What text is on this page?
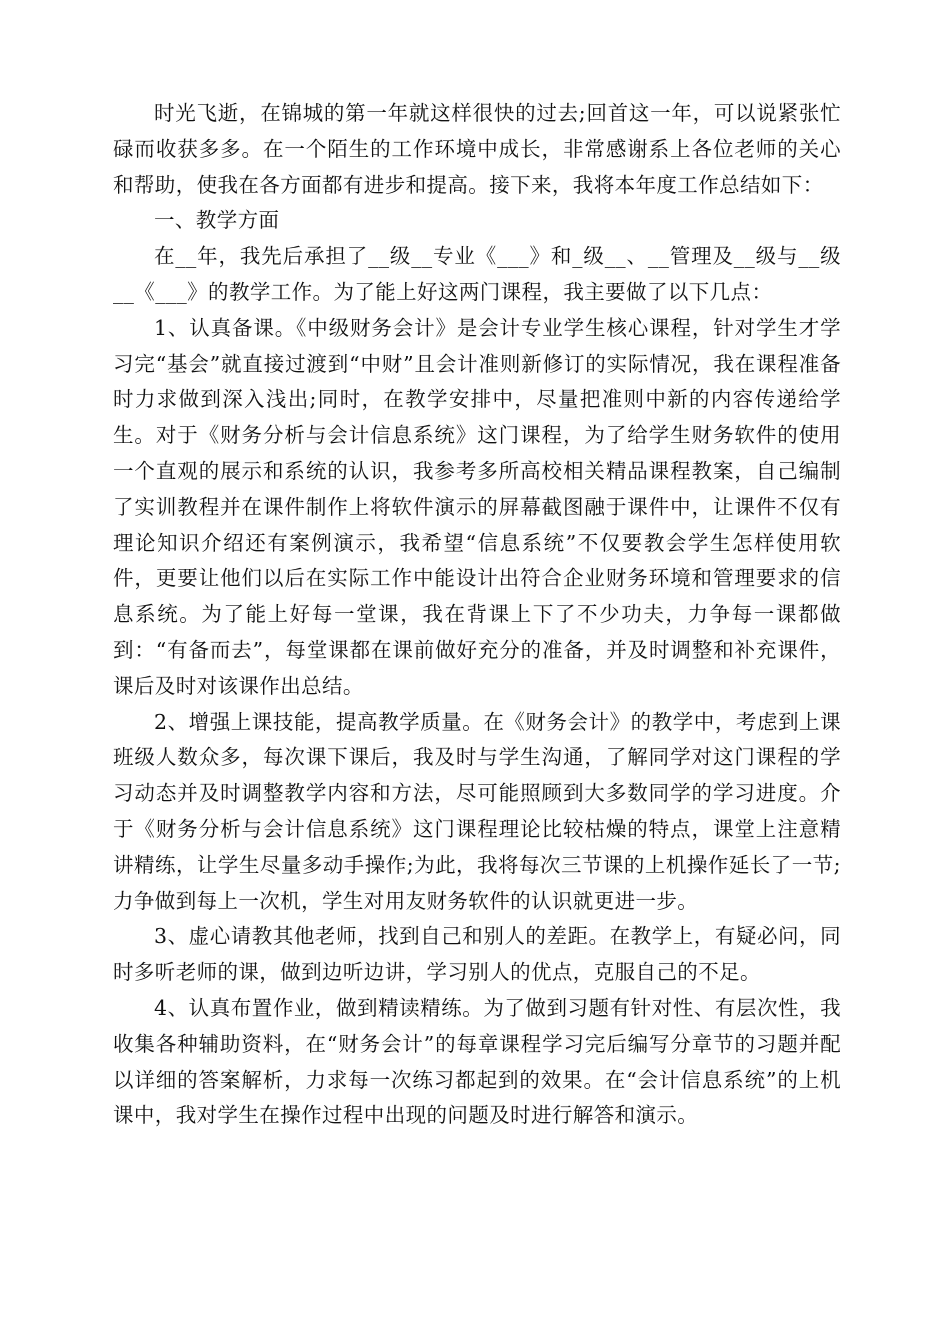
时光飞逝，在锦城的第一年就这样很快的过去;回首这一年，可以说紧张忙碌而收获多多。在一个陌生的工作环境中成长，非常感谢系上各位老师的关心和帮助，使我在各方面都有进步和提高。接下来，我将本年度工作总结如下：

一、教学方面

在__年，我先后承担了__级__专业《___》和_级__、__管理及__级与__级__《___》的教学工作。为了能上好这两门课程，我主要做了以下几点：

1、认真备课。《中级财务会计》是会计专业学生核心课程，针对学生才学习完“基会”就直接过渡到“中财”且会计准则新修订的实际情况，我在课程准备时力求做到深入浅出;同时，在教学安排中，尽量把准则中新的内容传递给学生。对于《财务分析与会计信息系统》这门课程，为了给学生财务软件的使用一个直观的展示和系统的认识，我参考多所高校相关精品课程教案，自己编制了实训教程并在课件制作上将软件演示的屏幕截图融于课件中，让课件不仅有理论知识介绍还有案例演示，我希望“信息系统”不仅要教会学生怎样使用软件，更要让他们以后在实际工作中能设计出符合企业财务环境和管理要求的信息系统。为了能上好每一堂课，我在背课上下了不少功夫，力争每一课都做到：“有备而去”，每堂课都在课前做好充分的准备，并及时调整和补充课件，课后及时对该课作出总结。

2、增强上课技能，提高教学质量。在《财务会计》的教学中，考虑到上课班级人数众多，每次课下课后，我及时与学生沟通，了解同学对这门课程的学习动态并及时调整教学内容和方法，尽可能照顾到大多数同学的学习进度。介于《财务分析与会计信息系统》这门课程理论比较枯燥的特点，课堂上注意精讲精练，让学生尽量多动手操作;为此，我将每次三节课的上机操作延长了一节;力争做到每上一次机，学生对用友财务软件的认识就更进一步。

3、虚心请教其他老师，找到自己和别人的差距。在教学上，有疑必问，同时多听老师的课，做到边听边讲，学习别人的优点，克服自己的不足。

4、认真布置作业，做到精读精练。为了做到习题有针对性、有层次性，我收集各种辅助资料，在“财务会计”的每章课程学习完后编写分章节的习题并配以详细的答案解析，力求每一次练习都起到的效果。在“会计信息系统”的上机课中，我对学生在操作过程中出现的问题及时进行解答和演示。
